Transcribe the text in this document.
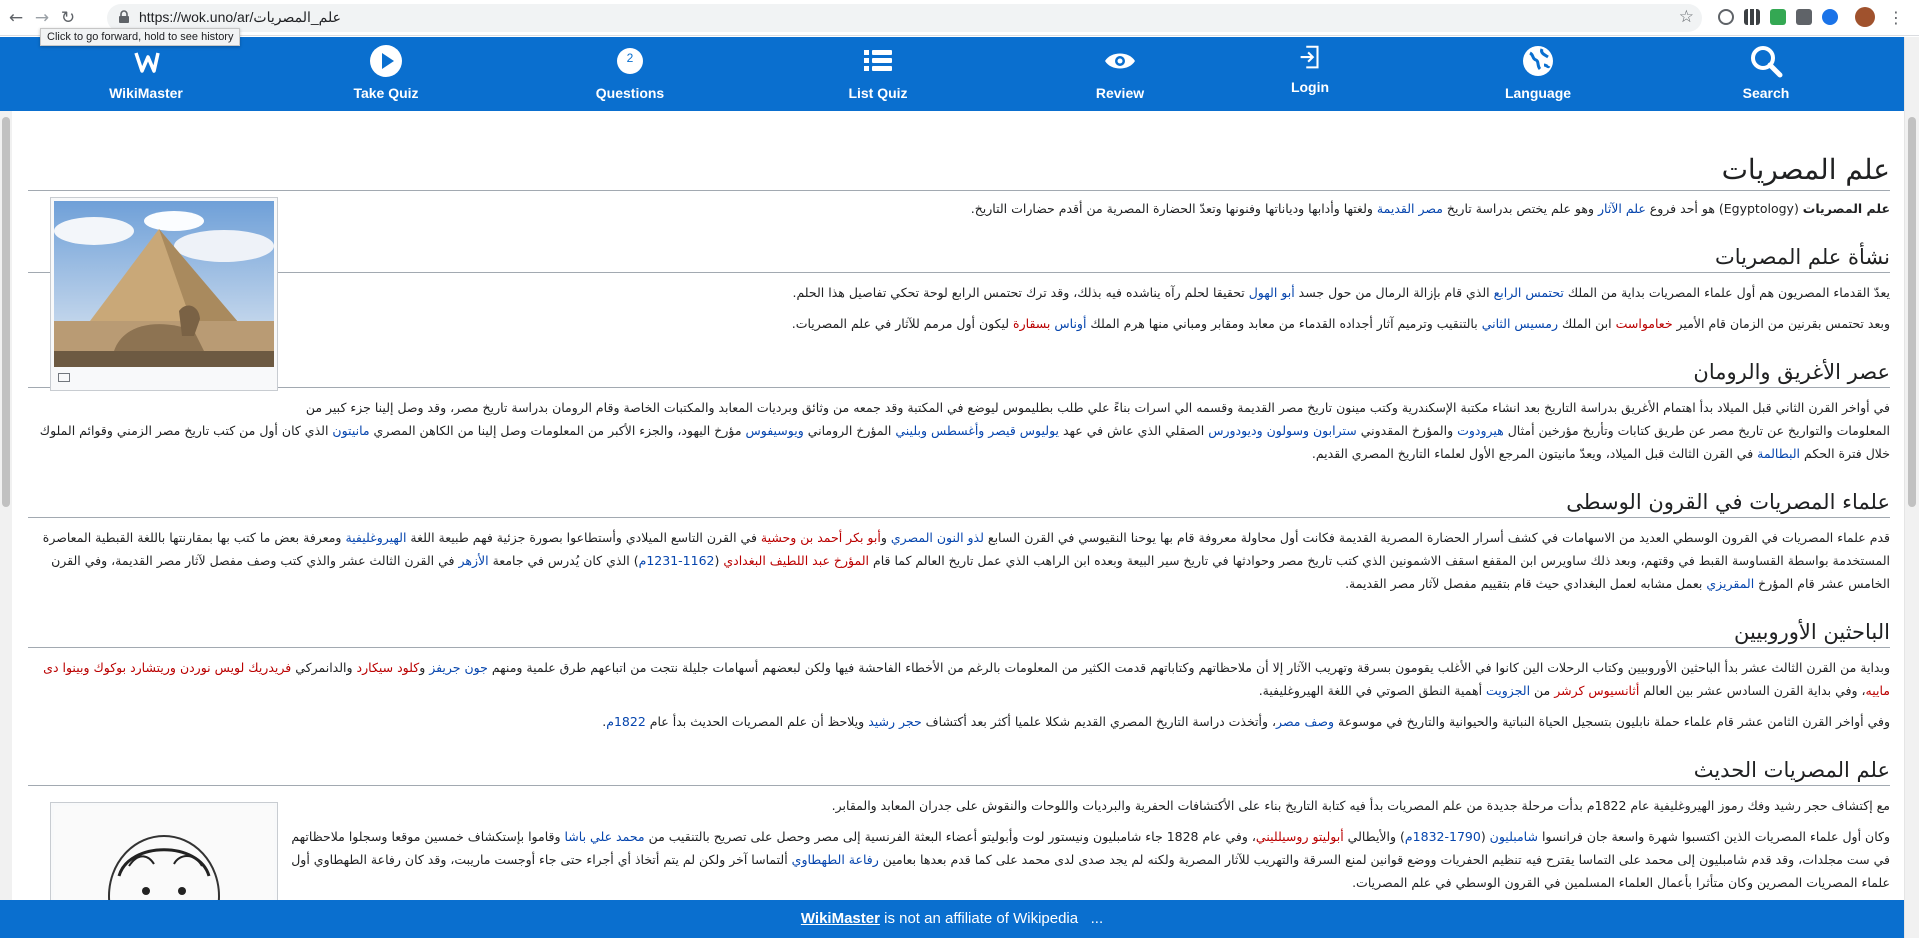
← → ↻	https://wok.uno/ar/علم_المصريات	☆	⋮
Click to go forward, hold to see history
WikiMaster	Take Quiz
2
Questions	List Quiz	Review	Login	Language	Search
علم المصريات

علم المصريات (Egyptology) هو أحد فروع علم الآثار وهو علم يختص بدراسة تاريخ مصر القديمة ولغتها وأدابها ودياناتها وفنونها وتعدّ الحضارة المصرية من أقدم حضارات التاريخ.

نشأة علم المصريات

يعدّ القدماء المصريون هم أول علماء المصريات بداية من الملك تحتمس الرابع الذي قام بإزالة الرمال من حول جسد أبو الهول تحقيقا لحلم رآه يناشده فيه بذلك، وقد ترك تحتمس الرابع لوحة تحكي تفاصيل هذا الحلم.

وبعد تحتمس بقرنين من الزمان قام الأمير خعامواست ابن الملك رمسيس الثاني بالتنقيب وترميم آثار أجداده القدماء من معابد ومقابر ومباني منها هرم الملك أوناس بسقارة ليكون أول مرمم للآثار في علم المصريات.

عصر الأغريق والرومان

في أواخر القرن الثاني قبل الميلاد بدأ اهتمام الأغريق بدراسة التاريخ بعد انشاء مكتبة الإسكندرية وكتب مينون تاريخ مصر القديمة وقسمه الي اسرات بناءً علي طلب بطليموس ليوضع في المكتبة وقد جمعه من وثائق وبرديات المعابد والمكتبات الخاصة وقام الرومان بدراسة تاريخ مصر، وقد وصل إلينا جزء كبير من المعلومات والتواريخ عن تاريخ مصر عن طريق كتابات وتأريخ مؤرخين أمثال هيرودوت والمؤرخ المقدوني سترابون وسولون وديودورس الصقلي الذي عاش في عهد يوليوس قيصر وأغسطس وبليني المؤرخ الروماني ويوسيفوس مؤرخ اليهود، والجزء الأكبر من المعلومات وصل إلينا من الكاهن المصري مانيتون الذي كان أول من كتب تاريخ مصر الزمني وقوائم الملوك خلال فترة الحكم البطالمة في القرن الثالث قبل الميلاد، ويعدّ مانيتون المرجع الأول لعلماء التاريخ المصري القديم.

علماء المصريات في القرون الوسطى

قدم علماء المصريات في القرون الوسطي العديد من الاسهامات في كشف أسرار الحضارة المصرية القديمة فكانت أول محاولة معروفة قام بها يوحنا النقيوسي في القرن السابع لذو النون المصري وأبو بكر أحمد بن وحشية في القرن التاسع الميلادي وأستطاعوا بصورة جزئية فهم طبيعة اللغة الهيروغليفية ومعرفة بعض ما كتب بها بمقارنتها باللغة القبطية المعاصرة المستخدمة بواسطة القساوسة القبط في وقتهم، وبعد ذلك ساويرس ابن المقفع اسقف الاشمونين الذي كتب تاريخ مصر وحوادثها في تاريخ سير البيعة وبعده ابن الراهب الذي عمل تاريخ العالم كما قام المؤرخ عبد اللطيف البغدادي (1162-1231م) الذي كان يُدرس في جامعة الأزهر في القرن الثالث عشر والذي كتب وصف مفصل لآثار مصر القديمة، وفي القرن الخامس عشر قام المؤرخ المقريزي بعمل مشابه لعمل البغدادي حيث قام بتقييم مفصل لآثار مصر القديمة.

الباحثين الأوروبيين

وبداية من القرن الثالث عشر بدأ الباحثين الأوروبيين وكتاب الرحلات الين كانوا في الأغلب يقومون بسرقة وتهريب الآثار إلا أن ملاحظاتهم وكتاباتهم قدمت الكثير من المعلومات بالرغم من الأخطاء الفاحشة فيها ولكن لبعضهم أسهامات جليلة نتجت من اتباعهم طرق علمية ومنهم جون جريفز وكلود سيكارد والدانمركي فريدريك لويس نوردن وريتشارد بوكوك وبينوا دى ماييه، وفي بداية القرن السادس عشر بين العالم أثانسيوس كرشر من الجزويت أهمية النطق الصوتي في اللغة الهيروغليفية.

وفي أواخر القرن الثامن عشر قام علماء حملة نابليون بتسجيل الحياة النباتية والحيوانية والتاريخ في موسوعة وصف مصر، وأتخذت دراسة التاريخ المصري القديم شكلا علميا أكثر بعد أكتشاف حجر رشيد ويلاحظ أن علم المصريات الحديث بدأ عام 1822م.

علم المصريات الحديث

مع إكتشاف حجر رشيد وفك رموز الهيروغليفية عام 1822م بدأت مرحلة جديدة من علم المصريات بدأ فيه كتابة التاريخ بناء على الأكتشافات الحفرية والبرديات واللوحات والنقوش على جدران المعابد والمقابر.

وكان أول علماء المصريات الذين اكتسبوا شهرة واسعة جان فرانسوا شامبليون (1790-1832م) والأيطالي أبوليتو روسيلليني، وفي عام 1828 جاء شامبليون ونيستور لوت وأبوليتو أعضاء البعثة الفرنسية إلى مصر وحصل على تصريح بالتنقيب من محمد علي باشا وقاموا بإستكشاف خمسين موقعا وسجلوا ملاحظاتهم في ست مجلدات، وقد قدم شامبليون إلى محمد على التماسا يقترح فيه تنظيم الحفريات ووضع قوانين لمنع السرقة والتهريب للآثار المصرية ولكنه لم يجد صدى لدى محمد على كما قدم بعدها بعامين رفاعة الطهطاوي ألتماسا آخر ولكن لم يتم أتخاذ أي أجراء حتى جاء أوجست ماريبت، وقد كان رفاعة الطهطاوي أول علماء المصريات المصرين وكان متأثرا بأعمال العلماء المسلمين في القرون الوسطي في علم المصريات.

WikiMaster is not an affiliate of Wikipedia   ...
